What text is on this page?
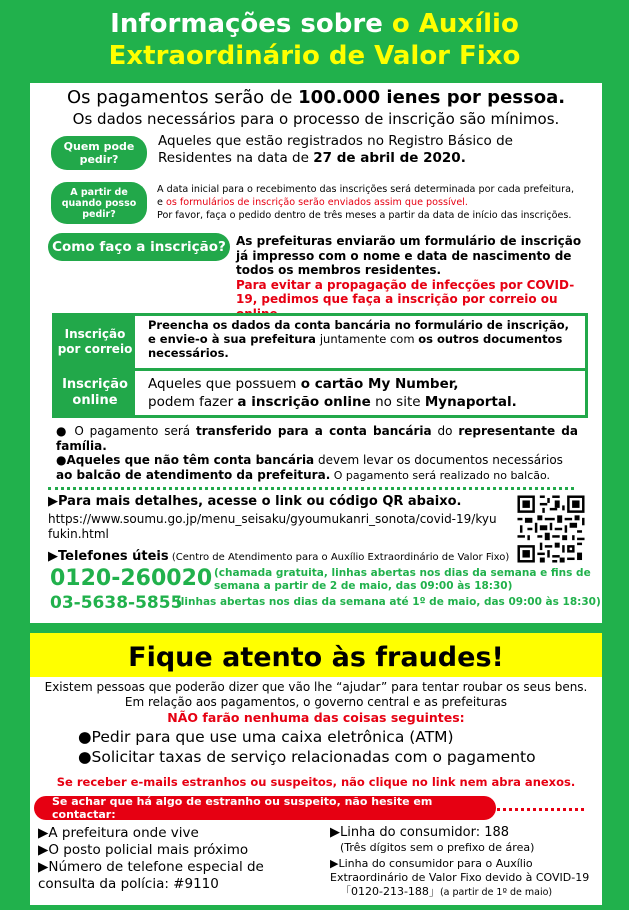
Informações sobre o Auxílio
Extraordinário de Valor Fixo
Os pagamentos serão de 100.000 ienes por pessoa.
Os dados necessários para o processo de inscrição são mínimos.
Quem pode pedir?
Aqueles que estão registrados no Registro Básico de Residentes na data de 27 de abril de 2020.
A partir de quando posso pedir?
A data inicial para o recebimento das inscrições será determinada por cada prefeitura,
e os formulários de inscrição serão enviados assim que possível.
Por favor, faça o pedido dentro de três meses a partir da data de início das inscrições.
Como faço a inscrição? As prefeituras enviarão um formulário de inscrição já impresso com o nome e data de nascimento de todos os membros residentes.
Para evitar a propagação de infecções por COVID-19, pedimos que faça a inscrição por correio ou
Inscrição por correio
Preencha os dados da conta bancária no formulário de inscrição, e envie-o à sua prefeitura juntamente com os outros documentos necessários.
Inscrição online
Aqueles que possuem o cartão My Number,
podem fazer a inscrição online no site Mynaportal.
● O pagamento será transferido para a conta bancária do representante da família.
●Aqueles que não têm conta bancária devem levar os documentos necessários ao balcão de atendimento da prefeitura. O pagamento será realizado no balcão.
▶Para mais detalhes, acesse o link ou código QR abaixo.
https://www.soumu.go.jp/menu_seisaku/gyoumukanri_sonota/covid-19/kyufukin.html
▶Telefones úteis (Centro de Atendimento para o Auxílio Extraordinário de Valor Fixo)
0120-260020 (chamada gratuita, linhas abertas nos dias da semana e fins de semana a partir de 2 de maio, das 09:00 às 18:30)
03-5638-5855
(linhas abertas nos dias da semana até 1º de maio, das 09:00 às 18:30)
Fique atento às fraudes!
Existem pessoas que poderão dizer que vão lhe “ajudar” para tentar roubar os seus bens.
Em relação aos pagamentos, o governo central e as prefeituras
NÃO farão nenhuma das coisas seguintes:
●Pedir para que use uma caixa eletrônica (ATM)
●Solicitar taxas de serviço relacionadas com o pagamento
Se receber e-mails estranhos ou suspeitos, não clique no link nem abra anexos.
Se achar que há algo de estranho ou suspeito, não hesite em contactar:
▶A prefeitura onde vive
▶O posto policial mais próximo
▶Número de telefone especial de consulta da polícia: #9110
▶Linha do consumidor: 188
(Três dígitos sem o prefixo de área)
▶Linha do consumidor para o Auxílio Extraordinário de Valor Fixo devido à COVID-19
「0120-213-188」(a partir de 1º de maio)
